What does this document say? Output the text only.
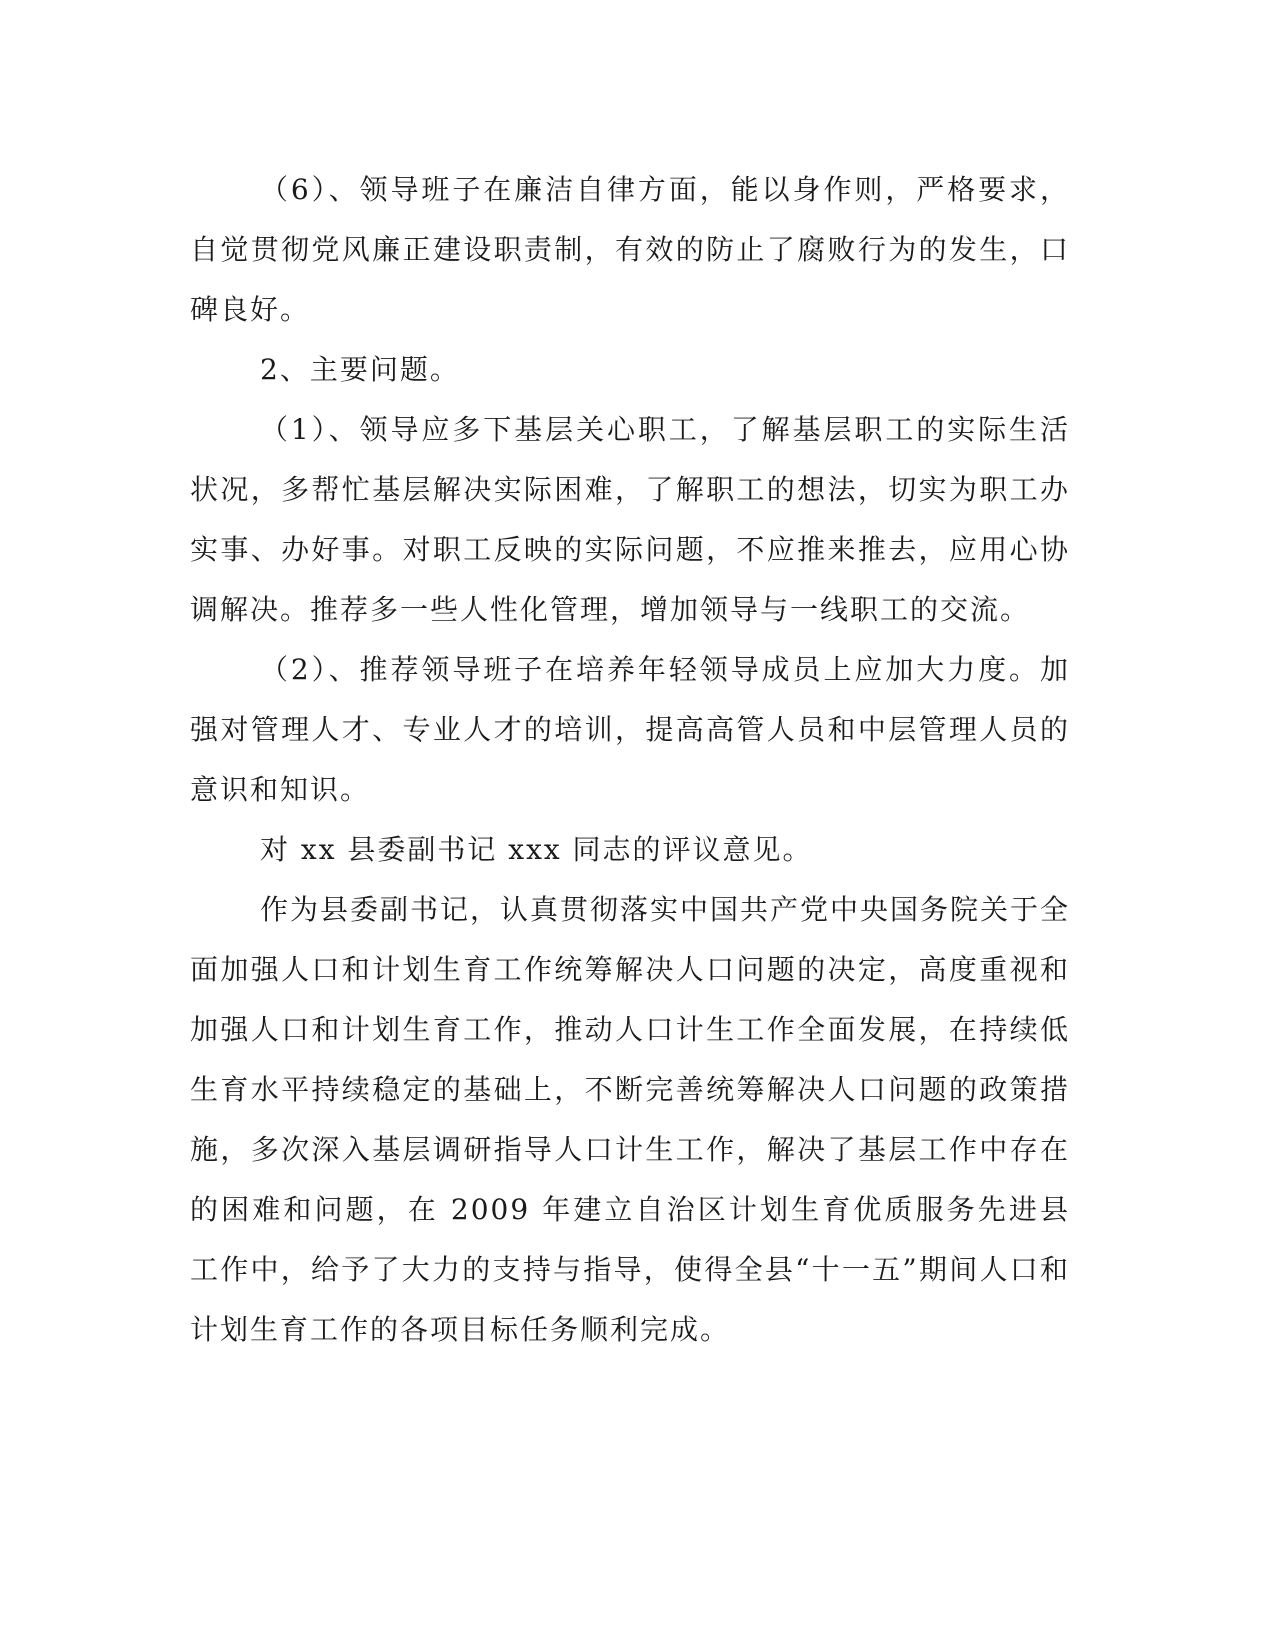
（6）、领导班子在廉洁自律方面，能以身作则，严格要求，自觉贯彻党风廉正建设职责制，有效的防止了腐败行为的发生，口碑良好。

2、主要问题。

（1）、领导应多下基层关心职工，了解基层职工的实际生活状况，多帮忙基层解决实际困难，了解职工的想法，切实为职工办实事、办好事。对职工反映的实际问题，不应推来推去，应用心协调解决。推荐多一些人性化管理，增加领导与一线职工的交流。

（2）、推荐领导班子在培养年轻领导成员上应加大力度。加强对管理人才、专业人才的培训，提高高管人员和中层管理人员的意识和知识。

对 xx 县委副书记 xxx 同志的评议意见。

作为县委副书记，认真贯彻落实中国共产党中央国务院关于全面加强人口和计划生育工作统筹解决人口问题的决定，高度重视和加强人口和计划生育工作，推动人口计生工作全面发展，在持续低生育水平持续稳定的基础上，不断完善统筹解决人口问题的政策措施，多次深入基层调研指导人口计生工作，解决了基层工作中存在的困难和问题，在 2009 年建立自治区计划生育优质服务先进县工作中，给予了大力的支持与指导，使得全县“十一五”期间人口和计划生育工作的各项目标任务顺利完成。
